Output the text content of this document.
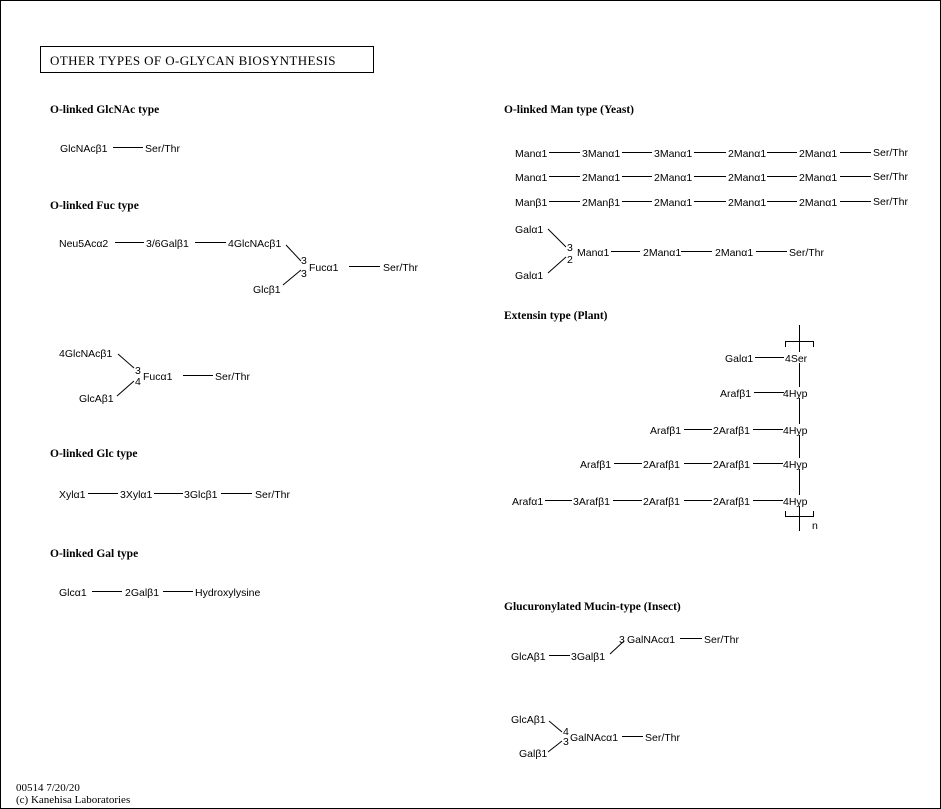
OTHER TYPES OF O-GLYCAN BIOSYNTHESIS
O-linked GlcNAc type
GlcNAcβ1	Ser/Thr
O-linked Fuc type
Neu5Acα2	3/6Galβ1	4GlcNAcβ1
3
3 Fucα1	Ser/Thr
Glcβ1
4GlcNAcβ1
3
4 Fucα1	Ser/Thr
GlcAβ1
O-linked Glc type
Xylα1	3Xylα1	3Glcβ1	Ser/Thr
O-linked Gal type
Glcα1	2Galβ1	Hydroxylysine
O-linked Man type (Yeast)
Manα1	3Manα1	3Manα1	2Manα1	2Manα1	Ser/Thr
Manα1	2Manα1	2Manα1	2Manα1	2Manα1	Ser/Thr
Manβ1	2Manβ1	2Manα1	2Manα1	2Manα1	Ser/Thr
Galα1
3
2
Manα1	2Manα1	2Manα1	Ser/Thr
Galα1
Extensin type (Plant)
n
Galα1	4Ser
Arafβ1	4Hyp
Arafβ1	2Arafβ1	4Hyp
Arafβ1	2Arafβ1	2Arafβ1	4Hyp
Arafα1	3Arafβ1	2Arafβ1	2Arafβ1	4Hyp
Glucuronylated Mucin-type (Insect)
GlcAβ1 3Galβ1
3 GalNAcα1	Ser/Thr
GlcAβ1
4
3 GalNAcα1	Ser/Thr
Galβ1
00514 7/20/20
(c) Kanehisa Laboratories
